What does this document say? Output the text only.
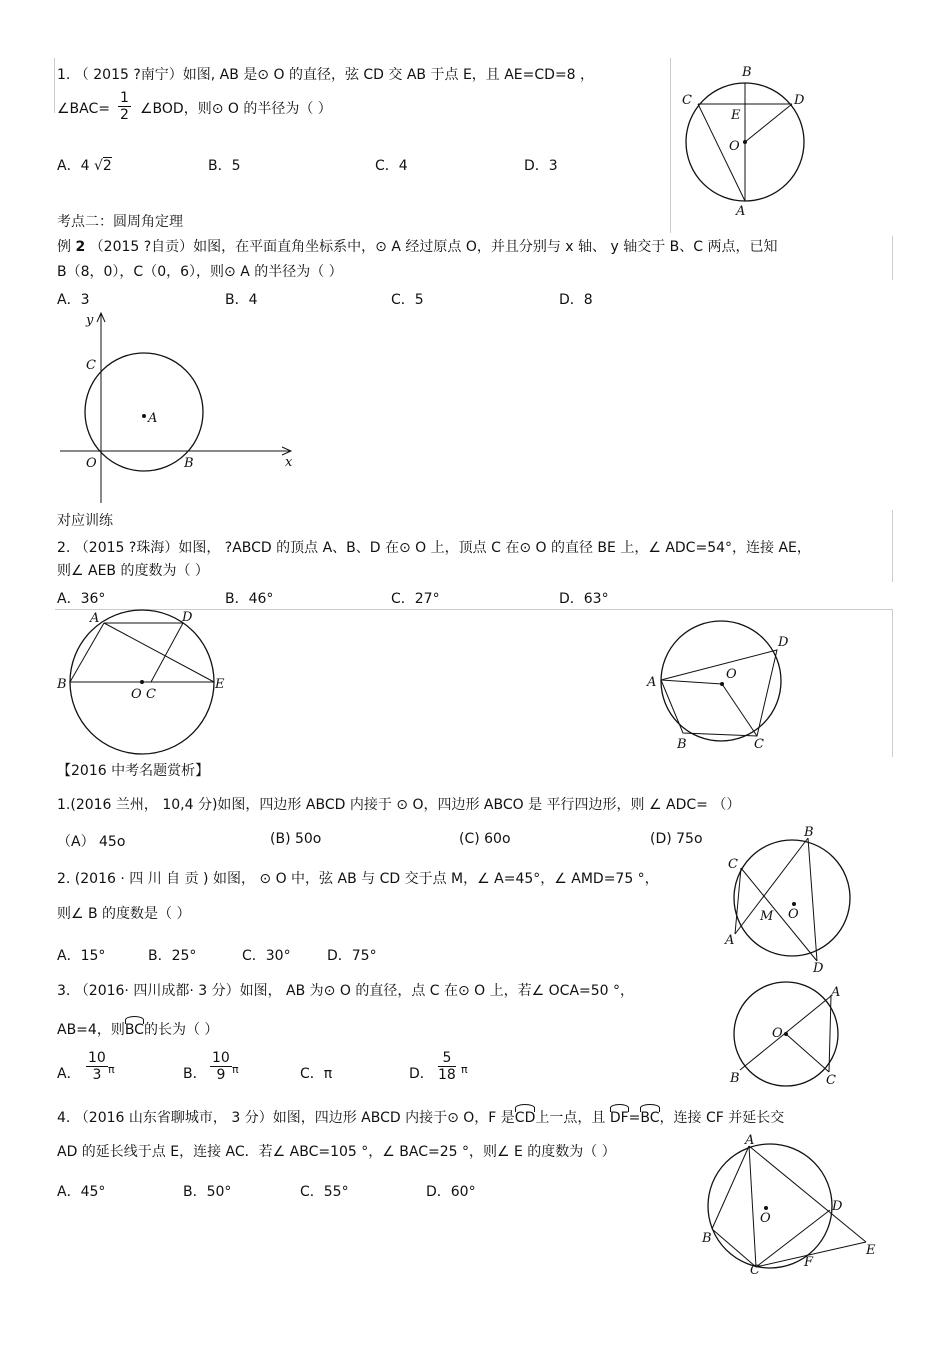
1. （ 2015 ?南宁）如图, AB 是⊙ O 的直径，弦 CD 交 AB 于点 E，且 AE=CD=8 ，
∠BAC= $\frac{1}{2}$ ∠BOD，则⊙ O 的半径为（ ）
A．4 √2	B．5	C．4	D．3
B
C	D
E
O
A
考点二：圆周角定理
例 2 （2015 ?自贡）如图，在平面直角坐标系中，⊙ A 经过原点 O，并且分别与 x 轴、 y 轴交于 B、C 两点，已知
B（8，0），C（0，6），则⊙ A 的半径为（ ）
A．3	B．4	C．5	D．8
y
x
C
A
O	B
对应训练
2. （2015 ?珠海）如图， ?ABCD 的顶点 A、B、D 在⊙ O 上，顶点 C 在⊙ O 的直径 BE 上，∠ ADC=54°，连接 AE，
则∠ AEB 的度数为（ ）
A．36°	B．46°	C．27°	D．63°
A	D
B
O C
E
D
O
A
B	C
【2016 中考名题赏析】
1.(2016 兰州， 10,4 分)如图，四边形 ABCD 内接于 ⊙ O，四边形 ABCO 是 平行四边形，则 ∠ ADC= （）
（A） 45o	(B) 50o	(C) 60o	(D) 75o
2. (2016 · 四 川 自 贡 ) 如图， ⊙ O 中，弦 AB 与 CD 交于点 M，∠ A=45°，∠ AMD=75 °，
则∠ B 的度数是（ ）
A．15°	B．25°	C．30°	D．75°
C
B
M O
A
D
3. （2016· 四川成都· 3 分）如图， AB 为⊙ O 的直径，点 C 在⊙ O 上，若∠ OCA=50 °，
AB=4，则BC的长为（ ）
A． $\frac{10}{3}$ π	B． $\frac{10}{9}$ π	C．π	D． $\frac{5}{18}$ π
A
O
B	C
4. （2016 山东省聊城市， 3 分）如图，四边形 ABCD 内接于⊙ O，F 是CD上一点，且 DF=BC，连接 CF 并延长交
AD 的延长线于点 E，连接 AC．若∠ ABC=105 °，∠ BAC=25 °，则∠ E 的度数为（ ）
A．45°	B．50°	C．55°	D．60°
A
D
O
B
E
C
F
